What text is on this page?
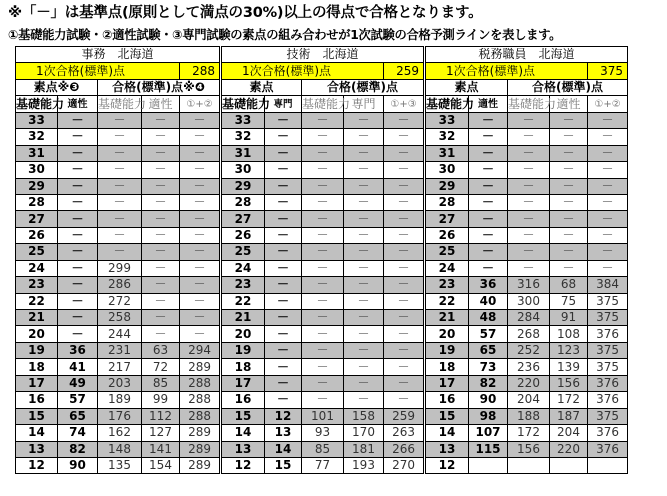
※「－」は基準点(原則として満点の30%)以上の得点で合格となります。
①基礎能力試験・②適性試験・③専門試験の素点の組み合わせが1次試験の合格予測ラインを表します。
事務　北海道				
1次合格(標準)点				288
素点※❸		合格(標準)点※❹		
基礎能力	適性	基礎能力	適性	①+②
33	－	－	－	－
32	－	－	－	－
31	－	－	－	－
30	－	－	－	－
29	－	－	－	－
28	－	－	－	－
27	－	－	－	－
26	－	－	－	－
25	－	－	－	－
24	－	299	－	－
23	－	286	－	－
22	－	272	－	－
21	－	258	－	－
20	－	244	－	－
19	36	231	63	294
18	41	217	72	289
17	49	203	85	288
16	57	189	99	288
15	65	176	112	288
14	74	162	127	289
13	82	148	141	289
12	90	135	154	289
技術　北海道				
1次合格(標準)点				259
素点		合格(標準)点		
基礎能力	専門	基礎能力	専門	①+③
33	－	－	－	－
32	－	－	－	－
31	－	－	－	－
30	－	－	－	－
29	－	－	－	－
28	－	－	－	－
27	－	－	－	－
26	－	－	－	－
25	－	－	－	－
24	－	－	－	－
23	－	－	－	－
22	－	－	－	－
21	－	－	－	－
20	－	－	－	－
19	－	－	－	－
18	－	－	－	－
17	－	－	－	－
16	－	－	－	－
15	12	101	158	259
14	13	93	170	263
13	14	85	181	266
12	15	77	193	270
税務職員　北海道				
1次合格(標準)点				375
素点		合格(標準)点		
基礎能力	適性	基礎能力	適性	①+②
33	－	－	－	－
32	－	－	－	－
31	－	－	－	－
30	－	－	－	－
29	－	－	－	－
28	－	－	－	－
27	－	－	－	－
26	－	－	－	－
25	－	－	－	－
24	－	－	－	－
23	36	316	68	384
22	40	300	75	375
21	48	284	91	375
20	57	268	108	376
19	65	252	123	375
18	73	236	139	375
17	82	220	156	376
16	90	204	172	376
15	98	188	187	375
14	107	172	204	376
13	115	156	220	376
12				
